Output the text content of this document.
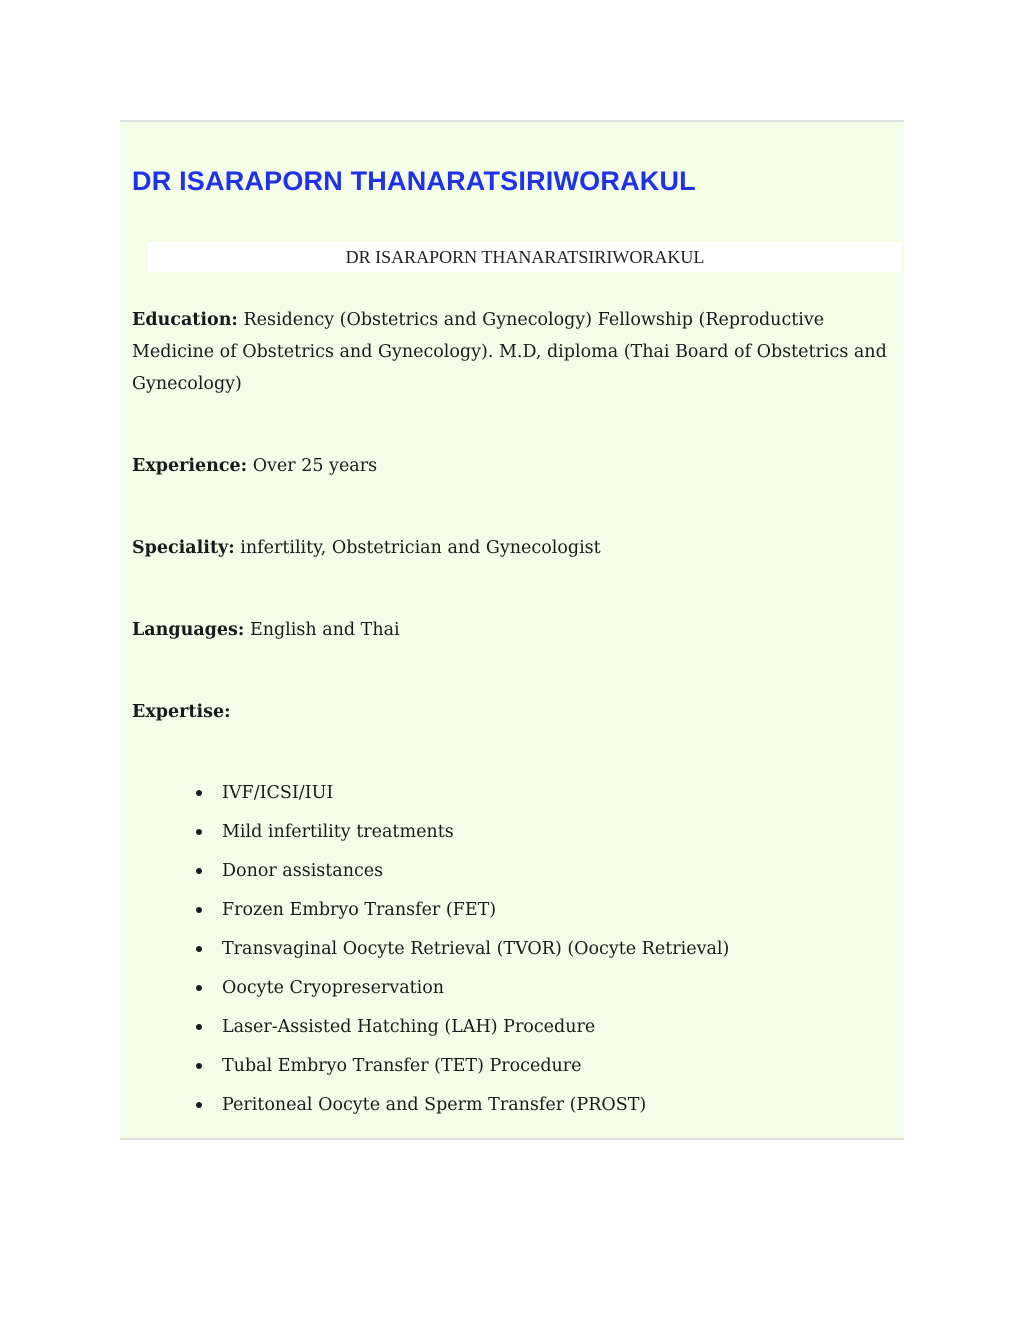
DR ISARAPORN THANARATSIRIWORAKUL
DR ISARAPORN THANARATSIRIWORAKUL

Education: Residency (Obstetrics and Gynecology) Fellowship (Reproductive Medicine of Obstetrics and Gynecology). M.D, diploma (Thai Board of Obstetrics and Gynecology)

Experience: Over 25 years

Speciality: infertility, Obstetrician and Gynecologist

Languages: English and Thai

Expertise:

IVF/ICSI/IUI
Mild infertility treatments
Donor assistances
Frozen Embryo Transfer (FET)
Transvaginal Oocyte Retrieval (TVOR) (Oocyte Retrieval)
Oocyte Cryopreservation
Laser-Assisted Hatching (LAH) Procedure
Tubal Embryo Transfer (TET) Procedure
Peritoneal Oocyte and Sperm Transfer (PROST)
